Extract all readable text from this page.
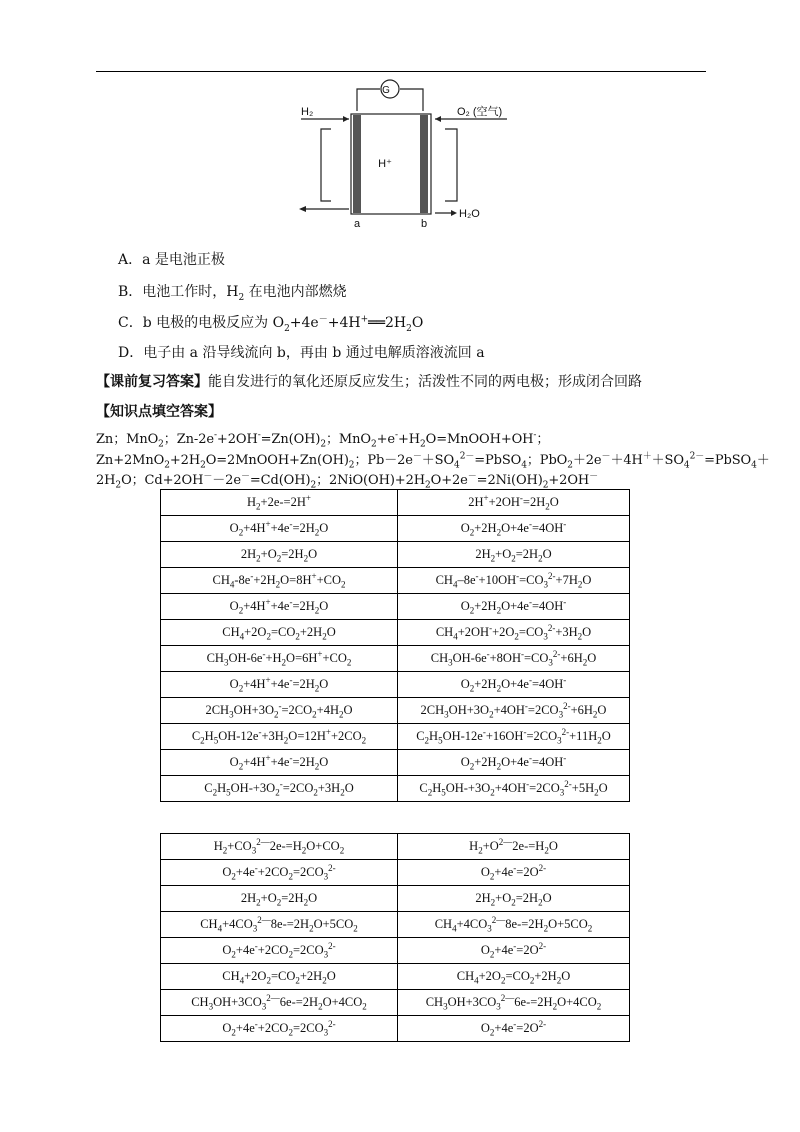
G
H₂	O₂ (空气)
H⁺
a	b
H₂O
A．a 是电池正极
B．电池工作时，$H_2$ 在电池内部燃烧
C．b 电极的电极反应为 $O_2+4e^-+4H^+══2H_2O$
D．电子由 a 沿导线流向 b，再由 b 通过电解质溶液流回 a
【课前复习答案】能自发进行的氧化还原反应发生；活泼性不同的两电极；形成闭合回路
【知识点填空答案】
Zn；MnO$_2$；$Zn-2e^-+2OH^-=Zn(OH)_2$；$MnO_2+e^-+H_2O=MnOOH+OH^-$；
$Zn+2MnO_2+2H_2O=2MnOOH+Zn(OH)_2$；$Pb-2e^-+SO_4^{2-}=PbSO_4$；$PbO_2+2e^-+4H^++SO_4^{2-}=PbSO_4+$
$2H_2O$；$Cd+2OH^--2e^-=Cd(OH)_2$；$2NiO(OH)+2H_2O+2e^-=2Ni(OH)_2+2OH^-$
$H_2+2e-=2H^+$	$2H^++2OH^-=2H_2O$
$O_2+4H^++4e^-=2H_2O$	$O_2+2H_2O+4e^-=4OH^-$
$2H_2+O_2=2H_2O$	$2H_2+O_2=2H_2O$
$CH_4-8e^-+2H_2O=8H^++CO_2$	$CH_4-8e^-+10OH^-=CO_3^{2-}+7H_2O$
$O_2+4H^++4e^-=2H_2O$	$O_2+2H_2O+4e^-=4OH^-$
$CH_4+2O_2=CO_2+2H_2O$	$CH_4+2OH^-+2O_2=CO_3^{2-}+3H_2O$
$CH_3OH-6e^-+H_2O=6H^++CO_2$	$CH_3OH-6e^-+8OH^-=CO_3^{2-}+6H_2O$
$O_2+4H^++4e^-=2H_2O$	$O_2+2H_2O+4e^-=4OH^-$
$2CH_3OH+3O_2^-=2CO_2+4H_2O$	$2CH_3OH+3O_2+4OH^-=2CO_3^{2-}+6H_2O$
$C_2H_5OH-12e^-+3H_2O=12H^++2CO_2$	$C_2H_5OH-12e^-+16OH^-=2CO_3^{2-}+11H_2O$
$O_2+4H^++4e^-=2H_2O$	$O_2+2H_2O+4e^-=4OH^-$
$C_2H_5OH-+3O_2^-=2CO_2+3H_2O$	$C_2H_5OH-+3O_2+4OH^-=2CO_3^{2-}+5H_2O$
$H_2+CO_3^{2—}2e-=H_2O+CO_2$	$H_2+O^{2—}2e-=H_2O$
$O_2+4e^-+2CO_2=2CO_3^{2-}$	$O_2+4e^-=2O^{2-}$
$2H_2+O_2=2H_2O$	$2H_2+O_2=2H_2O$
$CH_4+4CO_3^{2—}8e-=2H_2O+5CO_2$	$CH_4+4CO_3^{2—}8e-=2H_2O+5CO_2$
$O_2+4e^-+2CO_2=2CO_3^{2-}$	$O_2+4e^-=2O^{2-}$
$CH_4+2O_2=CO_2+2H_2O$	$CH_4+2O_2=CO_2+2H_2O$
$CH_3OH+3CO_3^{2—}6e-=2H_2O+4CO_2$	$CH_3OH+3CO_3^{2—}6e-=2H_2O+4CO_2$
$O_2+4e^-+2CO_2=2CO_3^{2-}$	$O_2+4e^-=2O^{2-}$
